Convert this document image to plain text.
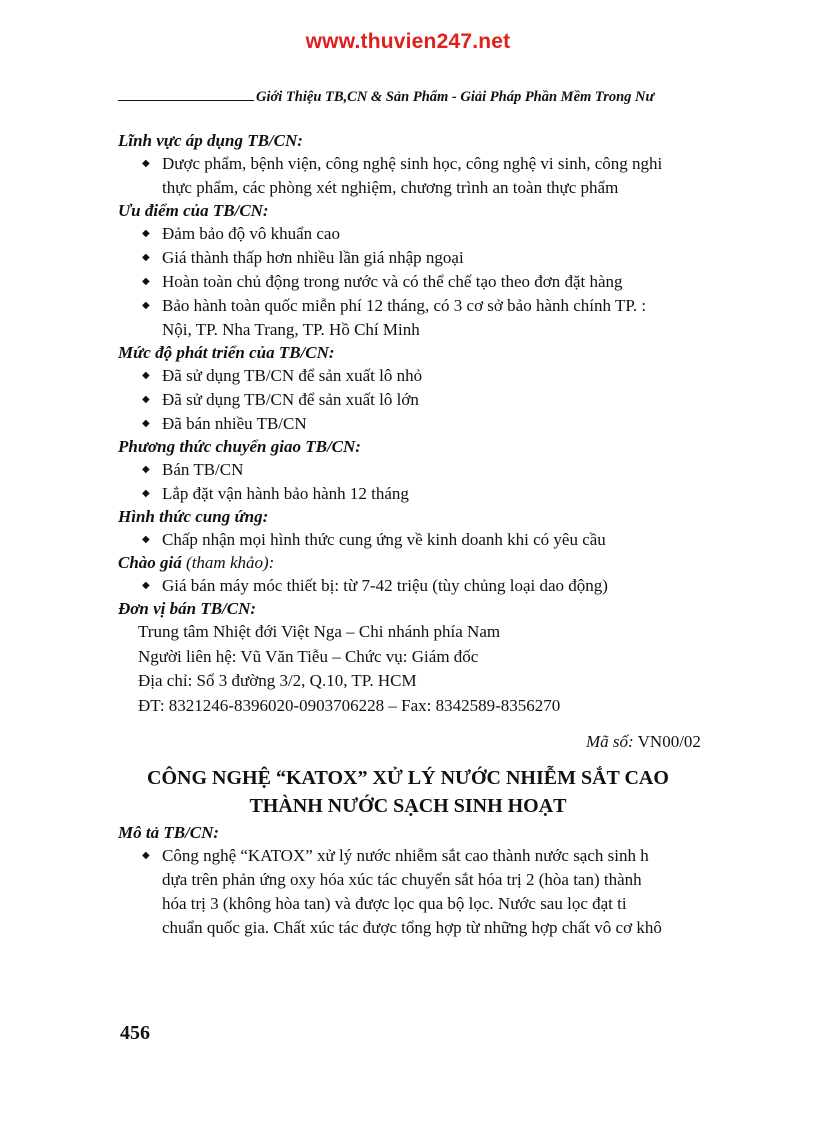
www.thuvien247.net
Giới Thiệu TB,CN & Sản Phẩm - Giải Pháp Phần Mềm Trong Nư
Lĩnh vực áp dụng TB/CN:
◆ Dược phẩm, bệnh viện, công nghệ sinh học, công nghệ vi sinh, công nghi
thực phẩm, các phòng xét nghiệm, chương trình an toàn thực phẩm
Ưu điểm của TB/CN:
◆ Đảm bảo độ vô khuẩn cao
◆ Giá thành thấp hơn nhiều lần giá nhập ngoại
◆ Hoàn toàn chủ động trong nước và có thể chế tạo theo đơn đặt hàng
◆ Bảo hành toàn quốc miễn phí 12 tháng, có 3 cơ sở bảo hành chính TP. :
Nội, TP. Nha Trang, TP. Hồ Chí Minh
Mức độ phát triển của TB/CN:
◆ Đã sử dụng TB/CN để sản xuất lô nhỏ
◆ Đã sử dụng TB/CN để sản xuất lô lớn
◆ Đã bán nhiều TB/CN
Phương thức chuyển giao TB/CN:
◆ Bán TB/CN
◆ Lắp đặt vận hành bảo hành 12 tháng
Hình thức cung ứng:
◆ Chấp nhận mọi hình thức cung ứng về kinh doanh khi có yêu cầu
Chào giá (tham khảo):
◆ Giá bán máy móc thiết bị: từ 7-42 triệu (tùy chủng loại dao động)
Đơn vị bán TB/CN:
Trung tâm Nhiệt đới Việt Nga – Chi nhánh phía Nam
Người liên hệ: Vũ Văn Tiễu – Chức vụ: Giám đốc
Địa chỉ: Số 3 đường 3/2, Q.10, TP. HCM
ĐT: 8321246-8396020-0903706228 – Fax: 8342589-8356270
Mã số: VN00/02
CÔNG NGHỆ “KATOX” XỬ LÝ NƯỚC NHIỄM SẮT CAO
THÀNH NƯỚC SẠCH SINH HOẠT
Mô tả TB/CN:
◆ Công nghệ “KATOX” xử lý nước nhiễm sắt cao thành nước sạch sinh h
dựa trên phản ứng oxy hóa xúc tác chuyển sắt hóa trị 2 (hòa tan) thành
hóa trị 3 (không hòa tan) và được lọc qua bộ lọc. Nước sau lọc đạt ti
chuẩn quốc gia. Chất xúc tác được tổng hợp từ những hợp chất vô cơ khô
456
